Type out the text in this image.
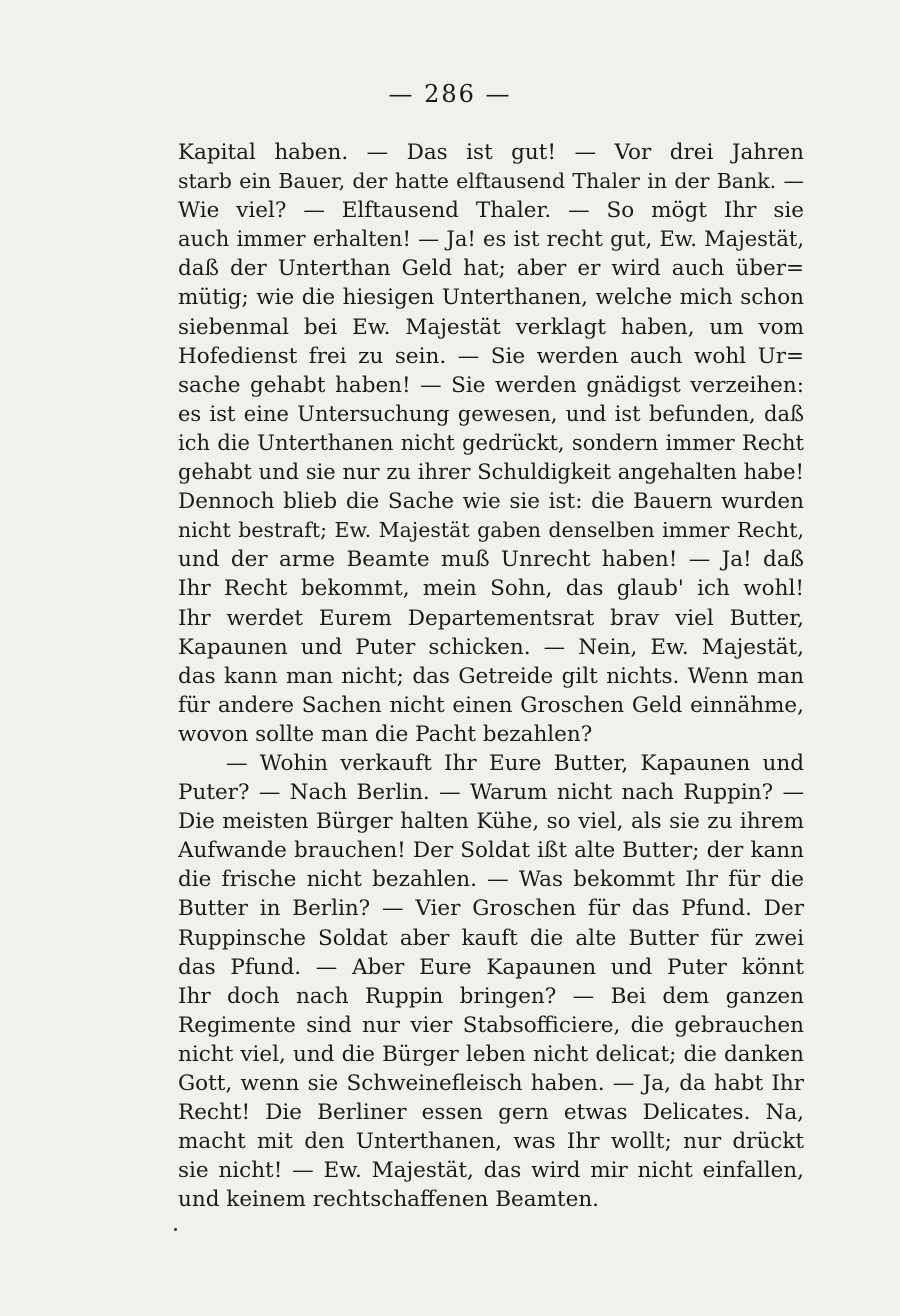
— 286 —
Kapital haben. — Das ist gut! — Vor drei Jahren
starb ein Bauer, der hatte elftausend Thaler in der Bank. —
Wie viel? — Elftausend Thaler. — So mögt Ihr sie
auch immer erhalten! — Ja! es ist recht gut, Ew. Majestät,
daß der Unterthan Geld hat; aber er wird auch über=
mütig; wie die hiesigen Unterthanen, welche mich schon
siebenmal bei Ew. Majestät verklagt haben, um vom
Hofedienst frei zu sein. — Sie werden auch wohl Ur=
sache gehabt haben! — Sie werden gnädigst verzeihen:
es ist eine Untersuchung gewesen, und ist befunden, daß
ich die Unterthanen nicht gedrückt, sondern immer Recht
gehabt und sie nur zu ihrer Schuldigkeit angehalten habe!
Dennoch blieb die Sache wie sie ist: die Bauern wurden
nicht bestraft; Ew. Majestät gaben denselben immer Recht,
und der arme Beamte muß Unrecht haben! — Ja! daß
Ihr Recht bekommt, mein Sohn, das glaub' ich wohl!
Ihr werdet Eurem Departementsrat brav viel Butter,
Kapaunen und Puter schicken. — Nein, Ew. Majestät,
das kann man nicht; das Getreide gilt nichts. Wenn man
für andere Sachen nicht einen Groschen Geld einnähme,
wovon sollte man die Pacht bezahlen?
— Wohin verkauft Ihr Eure Butter, Kapaunen und
Puter? — Nach Berlin. — Warum nicht nach Ruppin? —
Die meisten Bürger halten Kühe, so viel, als sie zu ihrem
Aufwande brauchen! Der Soldat ißt alte Butter; der kann
die frische nicht bezahlen. — Was bekommt Ihr für die
Butter in Berlin? — Vier Groschen für das Pfund. Der
Ruppinsche Soldat aber kauft die alte Butter für zwei
das Pfund. — Aber Eure Kapaunen und Puter könnt
Ihr doch nach Ruppin bringen? — Bei dem ganzen
Regimente sind nur vier Stabsofficiere, die gebrauchen
nicht viel, und die Bürger leben nicht delicat; die danken
Gott, wenn sie Schweinefleisch haben. — Ja, da habt Ihr
Recht! Die Berliner essen gern etwas Delicates. Na,
macht mit den Unterthanen, was Ihr wollt; nur drückt
sie nicht! — Ew. Majestät, das wird mir nicht einfallen,
und keinem rechtschaffenen Beamten.
